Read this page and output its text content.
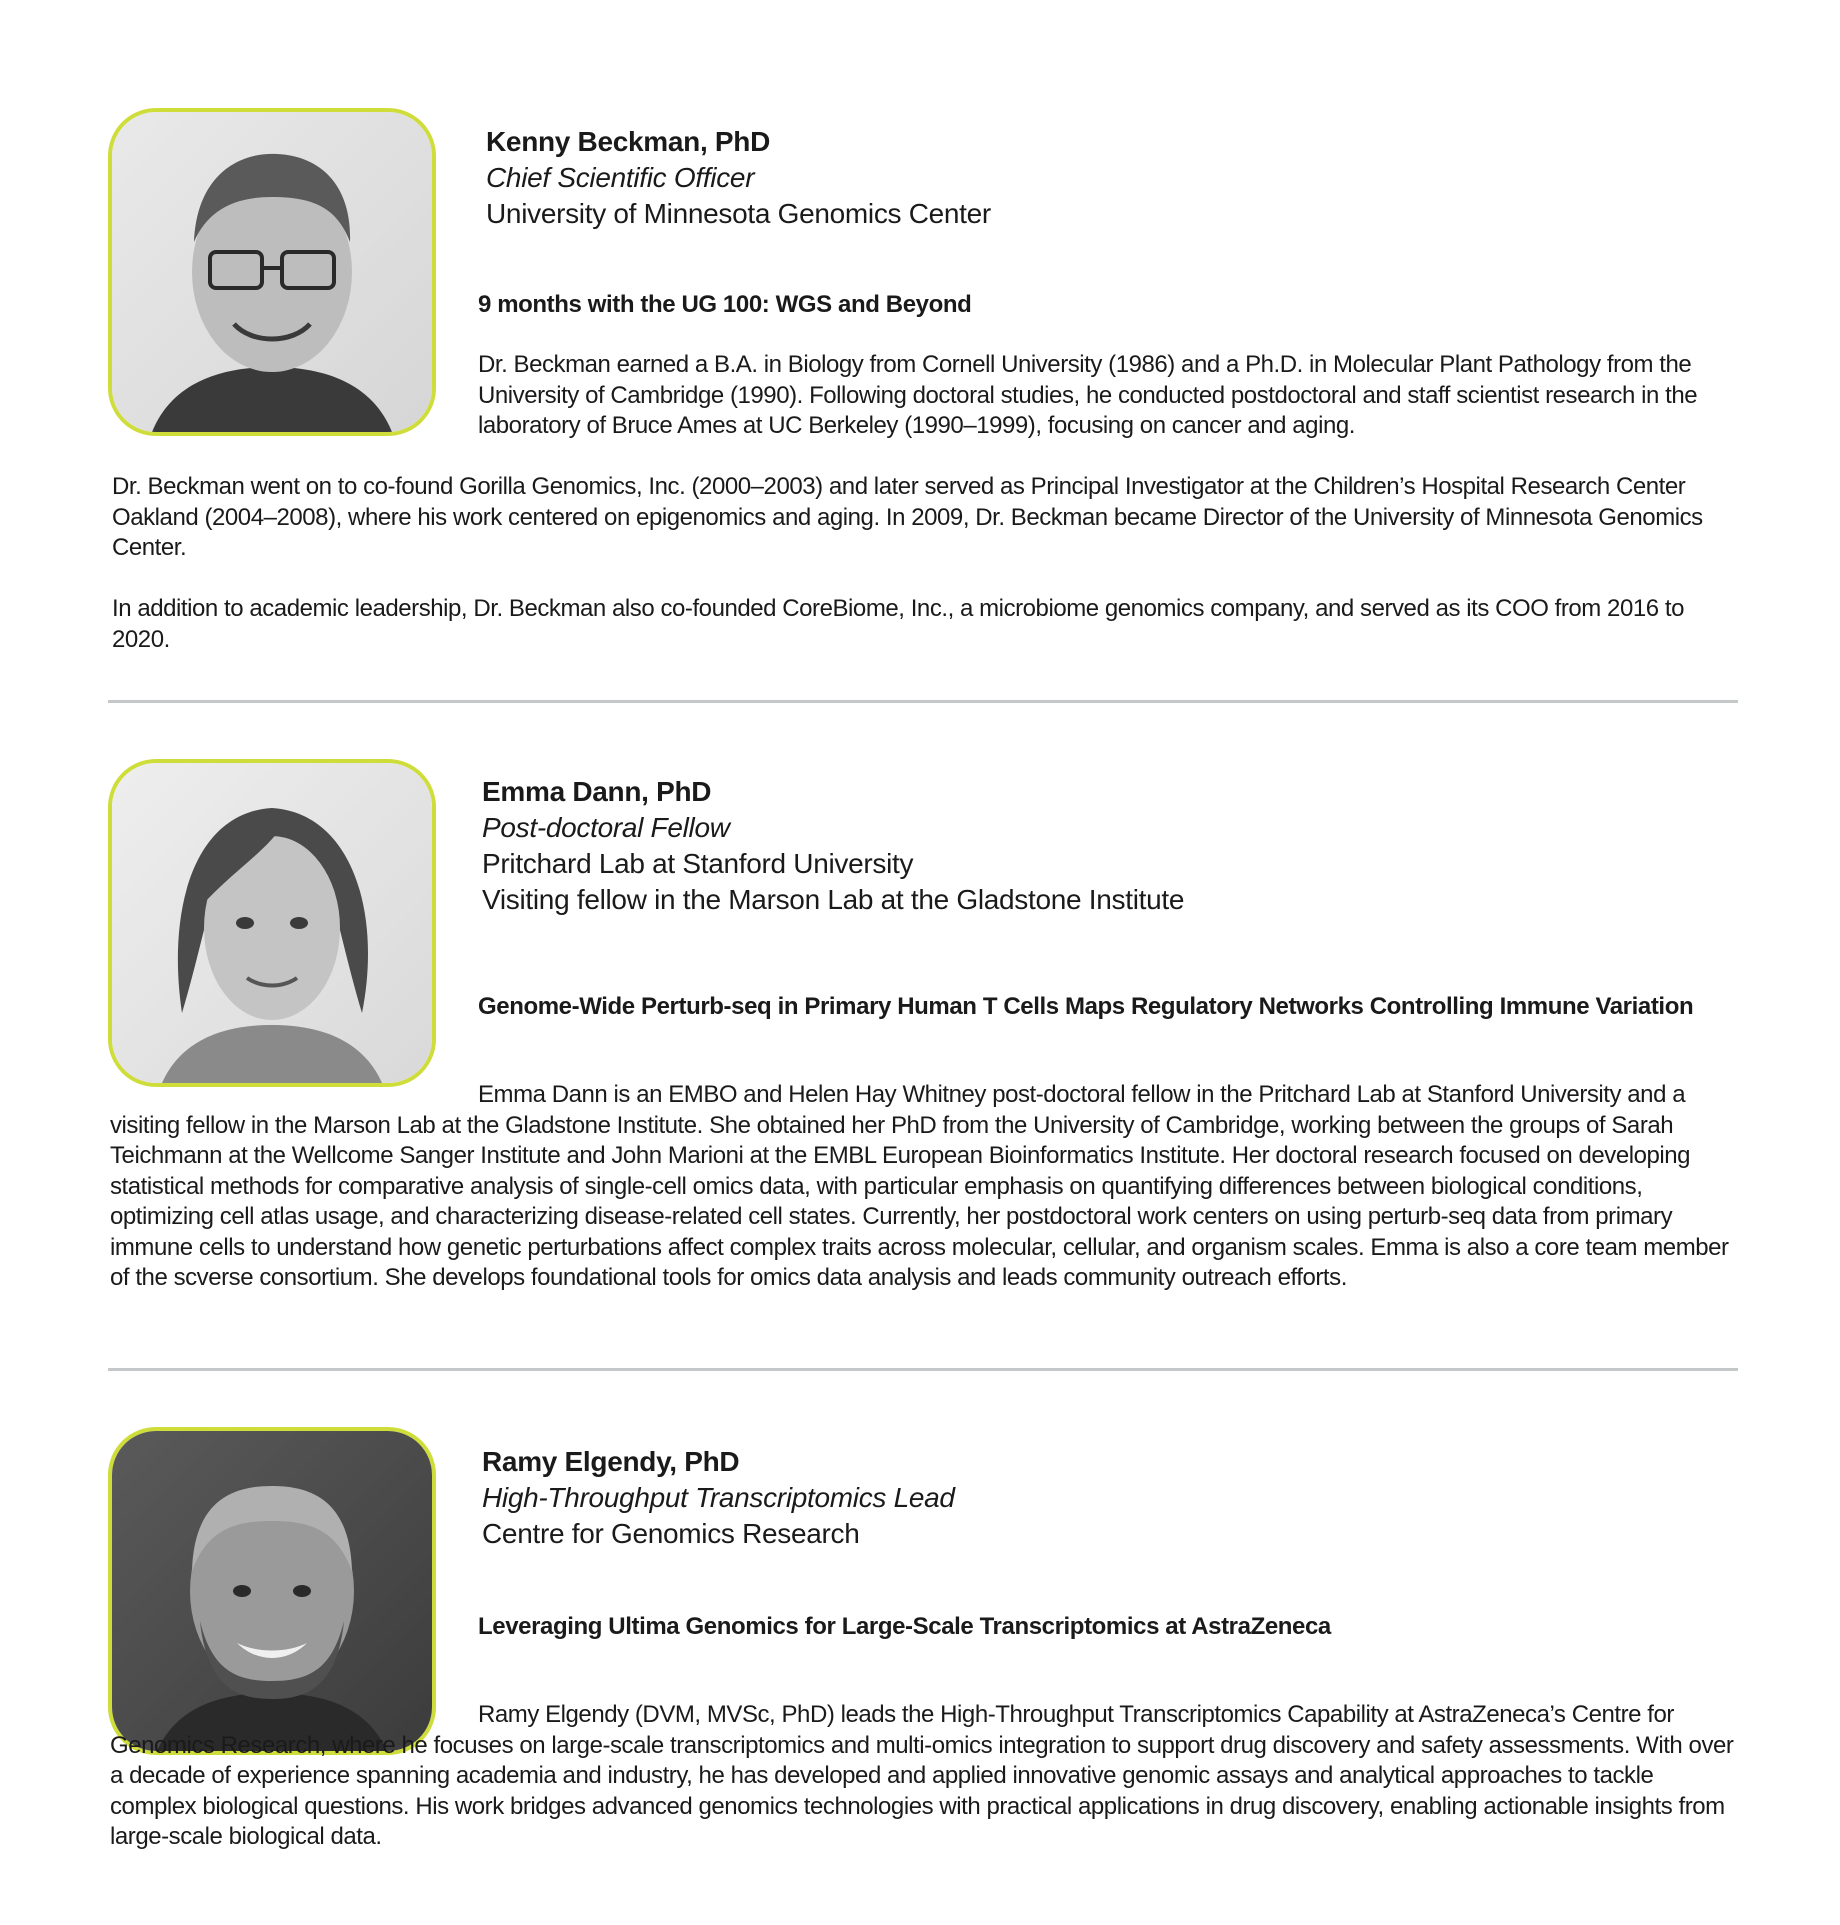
Kenny Beckman, PhD
Chief Scientific Officer
University of Minnesota Genomics Center
9 months with the UG 100: WGS and Beyond

Dr. Beckman earned a B.A. in Biology from Cornell University (1986) and a Ph.D. in Molecular Plant Pathology from the University of Cambridge (1990). Following doctoral studies, he conducted postdoctoral and staff scientist research in the laboratory of Bruce Ames at UC Berkeley (1990–1999), focusing on cancer and aging.

Dr. Beckman went on to co-found Gorilla Genomics, Inc. (2000–2003) and later served as Principal Investigator at the Children’s Hospital Research Center Oakland (2004–2008), where his work centered on epigenomics and aging. In 2009, Dr. Beckman became Director of the University of Minnesota Genomics Center.

In addition to academic leadership, Dr. Beckman also co-founded CoreBiome, Inc., a microbiome genomics company, and served as its COO from 2016 to 2020.

Emma Dann, PhD
Post-doctoral Fellow
Pritchard Lab at Stanford University
Visiting fellow in the Marson Lab at the Gladstone Institute
Genome-Wide Perturb-seq in Primary Human T Cells Maps Regulatory Networks Controlling Immune Variation

Emma Dann is an EMBO and Helen Hay Whitney post-doctoral fellow in the Pritchard Lab at Stanford University and a visiting fellow in the Marson Lab at the Gladstone Institute. She obtained her PhD from the University of Cambridge, working between the groups of Sarah Teichmann at the Wellcome Sanger Institute and John Marioni at the EMBL European Bioinformatics Institute. Her doctoral research focused on developing statistical methods for comparative analysis of single-cell omics data, with particular emphasis on quantifying differences between biological conditions, optimizing cell atlas usage, and characterizing disease-related cell states. Currently, her postdoctoral work centers on using perturb-seq data from primary immune cells to understand how genetic perturbations affect complex traits across molecular, cellular, and organism scales. Emma is also a core team member of the scverse consortium. She develops foundational tools for omics data analysis and leads community outreach efforts.

Ramy Elgendy, PhD
High-Throughput Transcriptomics Lead
Centre for Genomics Research
Leveraging Ultima Genomics for Large-Scale Transcriptomics at AstraZeneca

Ramy Elgendy (DVM, MVSc, PhD) leads the High-Throughput Transcriptomics Capability at AstraZeneca’s Centre for Genomics Research, where he focuses on large-scale transcriptomics and multi-omics integration to support drug discovery and safety assessments. With over a decade of experience spanning academia and industry, he has developed and applied innovative genomic assays and analytical approaches to tackle complex biological questions. His work bridges advanced genomics technologies with practical applications in drug discovery, enabling actionable insights from large-scale biological data.
